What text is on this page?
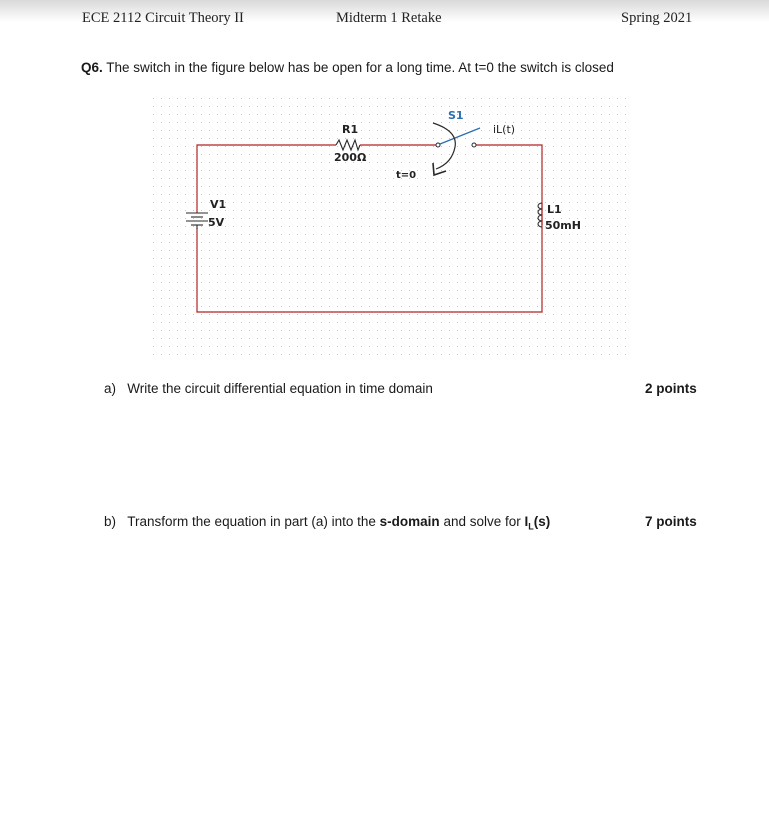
ECE 2112 Circuit Theory II	Midterm 1 Retake	Spring 2021
Q6. The switch in the figure below has be open for a long time. At t=0 the switch is closed
R1
200Ω
S1
t=0
iL(t)
V1
5V
L1
50mH
a) Write the circuit differential equation in time domain	2 points
b) Transform the equation in part (a) into the s-domain and solve for $I_L(s)$	7 points
